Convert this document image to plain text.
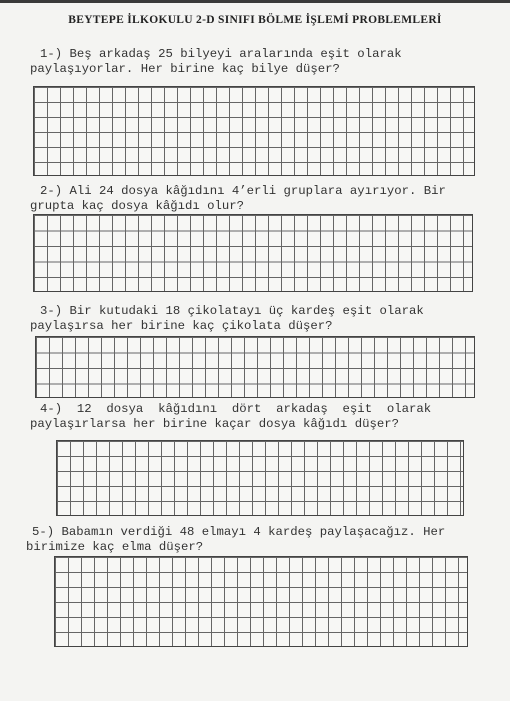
BEYTEPE İLKOKULU 2-D SINIFI BÖLME İŞLEMİ PROBLEMLERİ
1-) Beş arkadaş 25 bilyeyi aralarında eşit olarak
paylaşıyorlar. Her birine kaç bilye düşer?
2-) Ali 24 dosya kâğıdını 4’erli gruplara ayırıyor. Bir
grupta kaç dosya kâğıdı olur?
3-) Bir kutudaki 18 çikolatayı üç kardeş eşit olarak
paylaşırsa her birine kaç çikolata düşer?
4-)  12  dosya  kâğıdını  dört  arkadaş  eşit  olarak
paylaşırlarsa her birine kaçar dosya kâğıdı düşer?
5-) Babamın verdiği 48 elmayı 4 kardeş paylaşacağız. Her
birimize kaç elma düşer?
